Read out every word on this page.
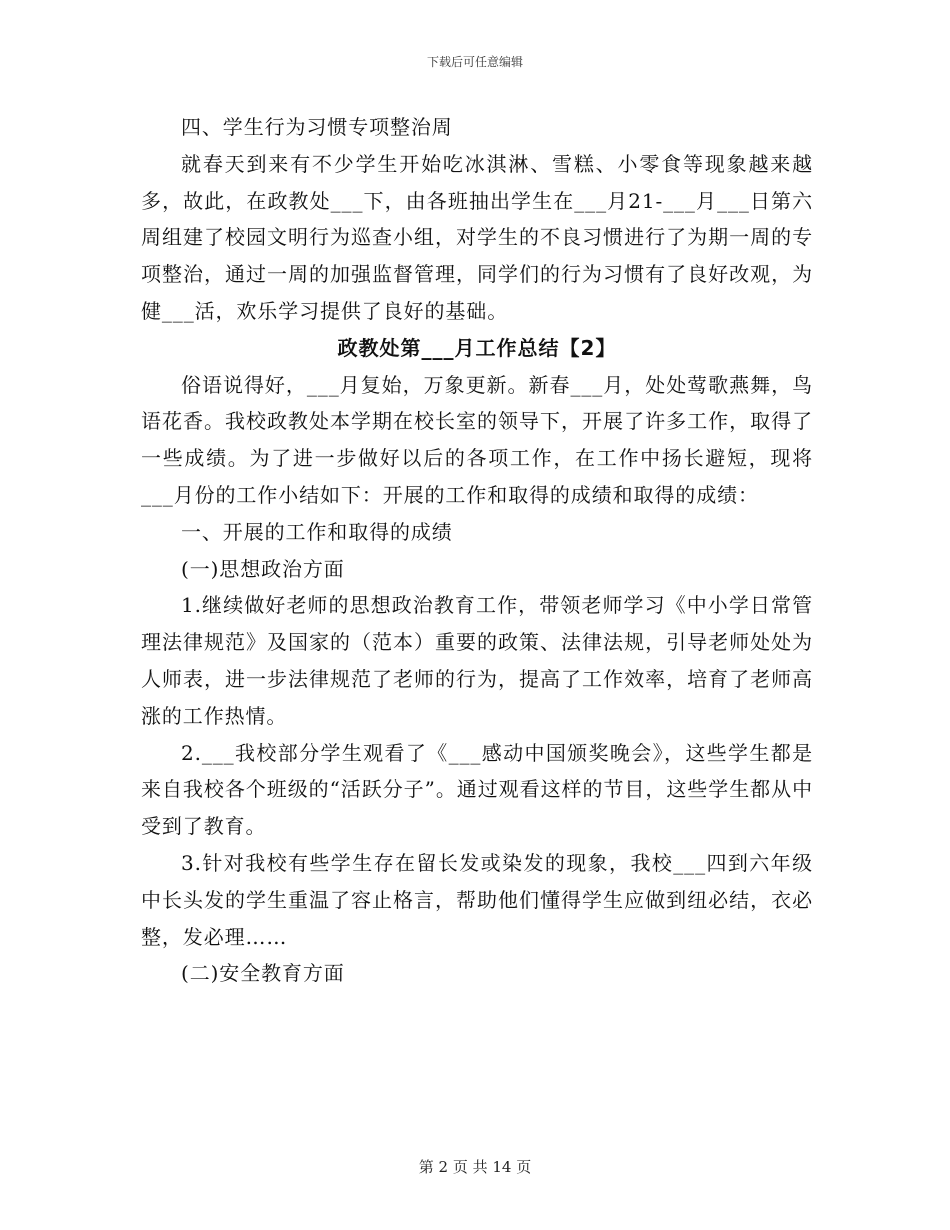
下载后可任意编辑

四、学生行为习惯专项整治周

就春天到来有不少学生开始吃冰淇淋、雪糕、小零食等现象越来越多，故此，在政教处___下，由各班抽出学生在___月21-___月___日第六周组建了校园文明行为巡查小组，对学生的不良习惯进行了为期一周的专项整治，通过一周的加强监督管理，同学们的行为习惯有了良好改观，为健___活，欢乐学习提供了良好的基础。

政教处第___月工作总结【2】

俗语说得好，___月复始，万象更新。新春___月，处处莺歌燕舞，鸟语花香。我校政教处本学期在校长室的领导下，开展了许多工作，取得了一些成绩。为了进一步做好以后的各项工作，在工作中扬长避短，现将___月份的工作小结如下：开展的工作和取得的成绩和取得的成绩：

一、开展的工作和取得的成绩

(一)思想政治方面

1.继续做好老师的思想政治教育工作，带领老师学习《中小学日常管理法律规范》及国家的（范本）重要的政策、法律法规，引导老师处处为人师表，进一步法律规范了老师的行为，提高了工作效率，培育了老师高涨的工作热情。

2.___我校部分学生观看了《___感动中国颁奖晚会》，这些学生都是来自我校各个班级的“活跃分子”。通过观看这样的节目，这些学生都从中受到了教育。

3.针对我校有些学生存在留长发或染发的现象，我校___四到六年级中长头发的学生重温了容止格言，帮助他们懂得学生应做到纽必结，衣必整，发必理……

(二)安全教育方面

第 2 页 共 14 页
